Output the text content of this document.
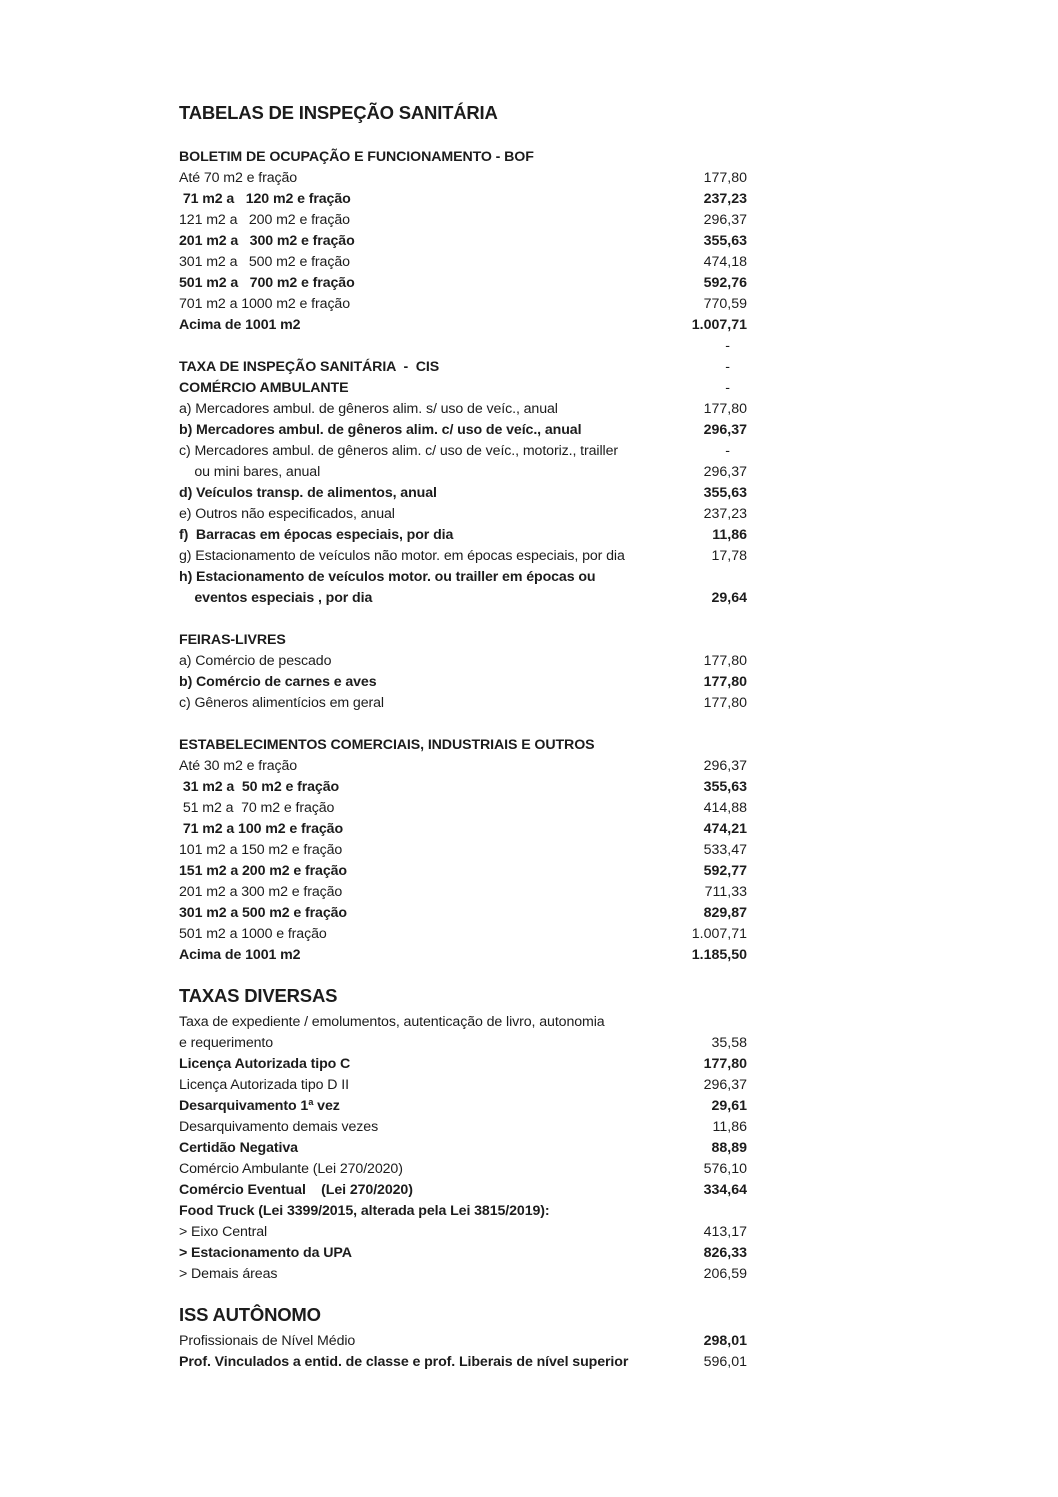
TABELAS DE INSPEÇÃO SANITÁRIA
BOLETIM DE OCUPAÇÃO E FUNCIONAMENTO - BOF
Até 70 m2 e fração	177,80
71 m2 a   120 m2 e fração	237,23
121 m2 a   200 m2 e fração	296,37
201 m2 a   300 m2 e fração	355,63
301 m2 a   500 m2 e fração	474,18
501 m2 a   700 m2 e fração	592,76
701 m2 a 1000 m2 e fração	770,59
Acima de 1001 m2	1.007,71
-
TAXA DE INSPEÇÃO SANITÁRIA  -  CIS	-
COMÉRCIO AMBULANTE	-
a) Mercadores ambul. de gêneros alim. s/ uso de veíc., anual	177,80
b) Mercadores ambul. de gêneros alim. c/ uso de veíc., anual	296,37
c) Mercadores ambul. de gêneros alim. c/ uso de veíc., motoriz., trailler	-
ou mini bares, anual	296,37
d) Veículos transp. de alimentos, anual	355,63
e) Outros não especificados, anual	237,23
f)  Barracas em épocas especiais, por dia	11,86
g) Estacionamento de veículos não motor. em épocas especiais, por dia	17,78
h) Estacionamento de veículos motor. ou trailler em épocas ou
eventos especiais , por dia	29,64
FEIRAS-LIVRES
a) Comércio de pescado	177,80
b) Comércio de carnes e aves	177,80
c) Gêneros alimentícios em geral	177,80
ESTABELECIMENTOS COMERCIAIS, INDUSTRIAIS E OUTROS
Até 30 m2 e fração	296,37
31 m2 a  50 m2 e fração	355,63
51 m2 a  70 m2 e fração	414,88
71 m2 a 100 m2 e fração	474,21
101 m2 a 150 m2 e fração	533,47
151 m2 a 200 m2 e fração	592,77
201 m2 a 300 m2 e fração	711,33
301 m2 a 500 m2 e fração	829,87
501 m2 a 1000 e fração	1.007,71
Acima de 1001 m2	1.185,50
TAXAS DIVERSAS
Taxa de expediente / emolumentos, autenticação de livro, autonomia
e requerimento	35,58
Licença Autorizada tipo C	177,80
Licença Autorizada tipo D II	296,37
Desarquivamento 1ª vez	29,61
Desarquivamento demais vezes	11,86
Certidão Negativa	88,89
Comércio Ambulante (Lei 270/2020)	576,10
Comércio Eventual    (Lei 270/2020)	334,64
Food Truck (Lei 3399/2015, alterada pela Lei 3815/2019):
> Eixo Central	413,17
> Estacionamento da UPA	826,33
> Demais áreas	206,59
ISS AUTÔNOMO
Profissionais de Nível Médio	298,01
Prof. Vinculados a entid. de classe e prof. Liberais de nível superior	596,01
